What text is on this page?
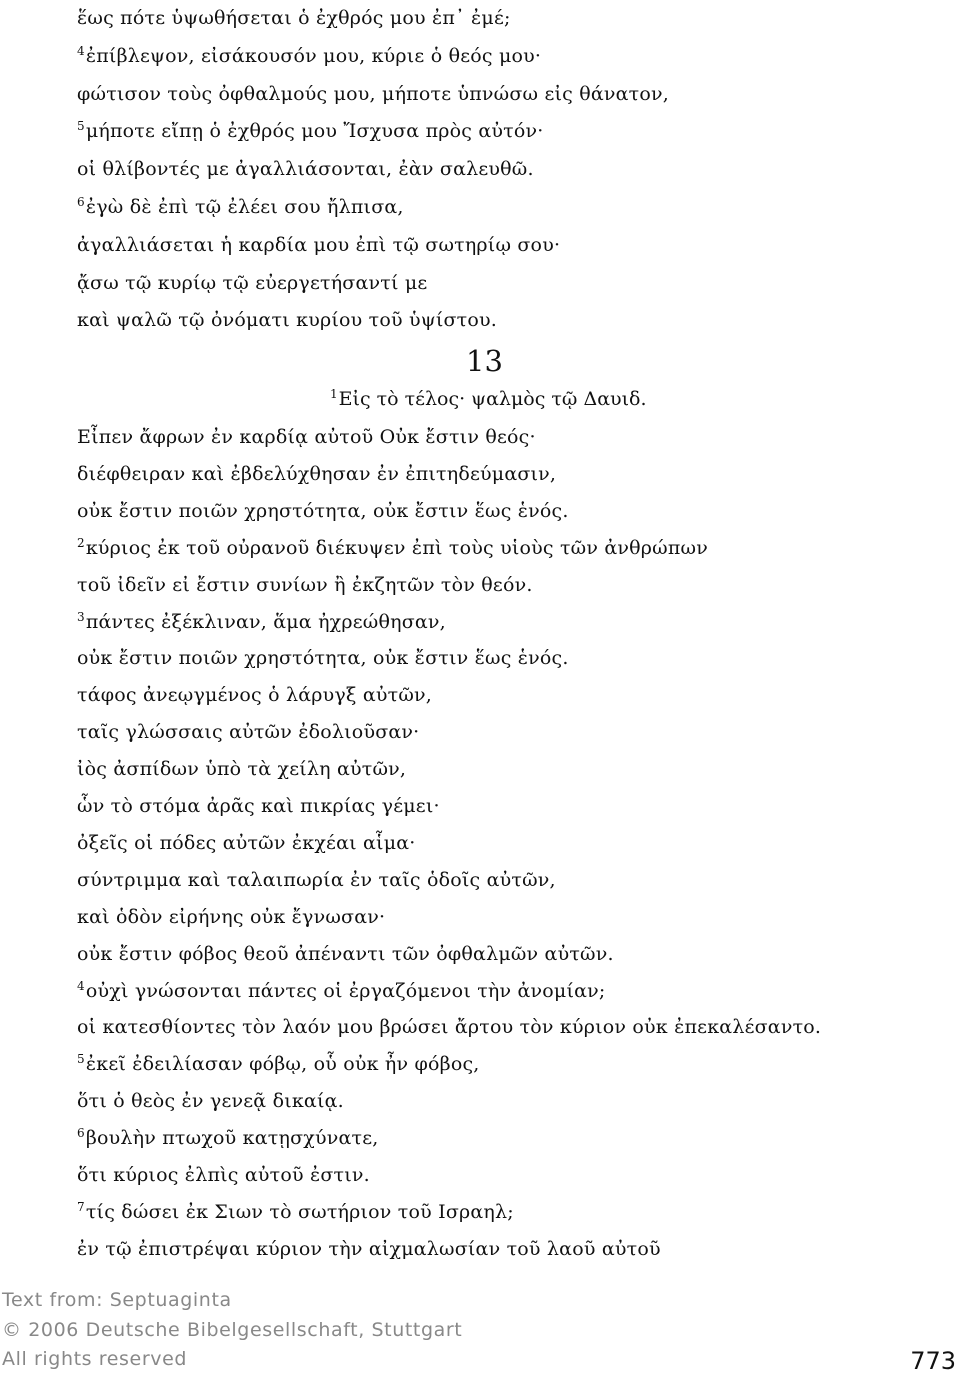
ἕως πότε ὑψωθήσεται ὁ ἐχθρός μου ἐπ᾽ ἐμέ;
$^4$ἐπίβλεψον, εἰσάκουσόν μου, κύριε ὁ θεός μου·
φώτισον τοὺς ὀφθαλμούς μου, μήποτε ὑπνώσω εἰς θάνατον,
$^5$μήποτε εἴπῃ ὁ ἐχθρός μου Ἴσχυσα πρὸς αὐτόν·
οἱ θλίβοντές με ἀγαλλιάσονται, ἐὰν σαλευθῶ.
$^6$ἐγὼ δὲ ἐπὶ τῷ ἐλέει σου ἤλπισα,
ἀγαλλιάσεται ἡ καρδία μου ἐπὶ τῷ σωτηρίῳ σου·
ᾄσω τῷ κυρίῳ τῷ εὐεργετήσαντί με
καὶ ψαλῶ τῷ ὀνόματι κυρίου τοῦ ὑψίστου.
13
$^1$Εἰς τὸ τέλος· ψαλμὸς τῷ Δαυιδ.
Εἶπεν ἄφρων ἐν καρδίᾳ αὐτοῦ Οὐκ ἔστιν θεός·
διέφθειραν καὶ ἐβδελύχθησαν ἐν ἐπιτηδεύμασιν,
οὐκ ἔστιν ποιῶν χρηστότητα, οὐκ ἔστιν ἕως ἑνός.
$^2$κύριος ἐκ τοῦ οὐρανοῦ διέκυψεν ἐπὶ τοὺς υἱοὺς τῶν ἀνθρώπων
τοῦ ἰδεῖν εἰ ἔστιν συνίων ἢ ἐκζητῶν τὸν θεόν.
$^3$πάντες ἐξέκλιναν, ἅμα ἠχρεώθησαν,
οὐκ ἔστιν ποιῶν χρηστότητα, οὐκ ἔστιν ἕως ἑνός.
τάφος ἀνεῳγμένος ὁ λάρυγξ αὐτῶν,
ταῖς γλώσσαις αὐτῶν ἐδολιοῦσαν·
ἰὸς ἀσπίδων ὑπὸ τὰ χείλη αὐτῶν,
ὧν τὸ στόμα ἀρᾶς καὶ πικρίας γέμει·
ὀξεῖς οἱ πόδες αὐτῶν ἐκχέαι αἷμα·
σύντριμμα καὶ ταλαιπωρία ἐν ταῖς ὁδοῖς αὐτῶν,
καὶ ὁδὸν εἰρήνης οὐκ ἔγνωσαν·
οὐκ ἔστιν φόβος θεοῦ ἀπέναντι τῶν ὀφθαλμῶν αὐτῶν.
$^4$οὐχὶ γνώσονται πάντες οἱ ἐργαζόμενοι τὴν ἀνομίαν;
οἱ κατεσθίοντες τὸν λαόν μου βρώσει ἄρτου τὸν κύριον οὐκ ἐπεκαλέσαντο.
$^5$ἐκεῖ ἐδειλίασαν φόβῳ, οὗ οὐκ ἦν φόβος,
ὅτι ὁ θεὸς ἐν γενεᾷ δικαίᾳ.
$^6$βουλὴν πτωχοῦ κατῃσχύνατε,
ὅτι κύριος ἐλπὶς αὐτοῦ ἐστιν.
$^7$τίς δώσει ἐκ Σιων τὸ σωτήριον τοῦ Ισραηλ;
ἐν τῷ ἐπιστρέψαι κύριον τὴν αἰχμαλωσίαν τοῦ λαοῦ αὐτοῦ
Text from: Septuaginta
© 2006 Deutsche Bibelgesellschaft, Stuttgart
All rights reserved	773
